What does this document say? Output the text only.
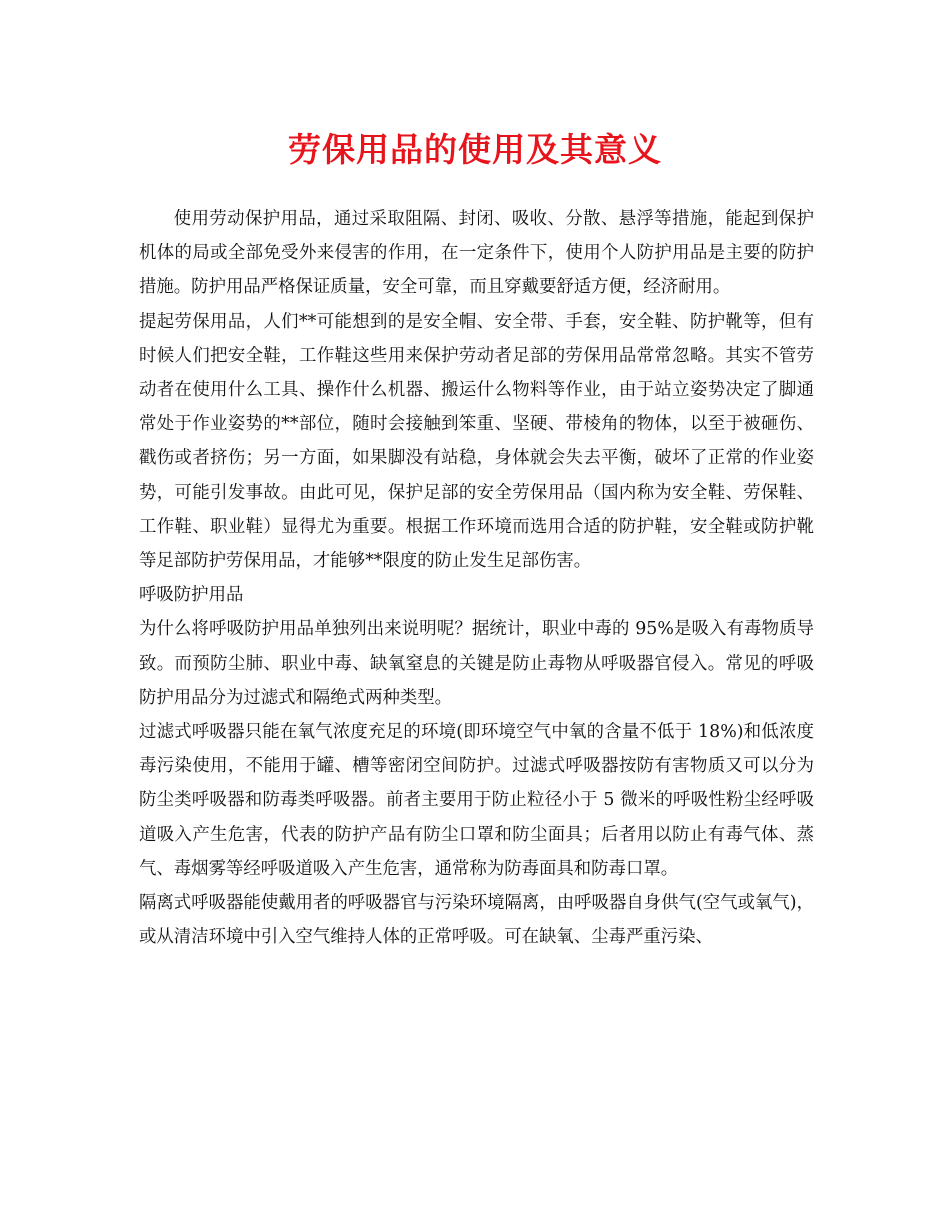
劳保用品的使用及其意义

使用劳动保护用品，通过采取阻隔、封闭、吸收、分散、悬浮等措施，能起到保护机体的局或全部免受外来侵害的作用，在一定条件下，使用个人防护用品是主要的防护措施。防护用品严格保证质量，安全可靠，而且穿戴要舒适方便，经济耐用。

提起劳保用品，人们**可能想到的是安全帽、安全带、手套，安全鞋、防护靴等，但有时候人们把安全鞋，工作鞋这些用来保护劳动者足部的劳保用品常常忽略。其实不管劳动者在使用什么工具、操作什么机器、搬运什么物料等作业，由于站立姿势决定了脚通常处于作业姿势的**部位，随时会接触到笨重、坚硬、带棱角的物体，以至于被砸伤、戳伤或者挤伤；另一方面，如果脚没有站稳，身体就会失去平衡，破坏了正常的作业姿势，可能引发事故。由此可见，保护足部的安全劳保用品（国内称为安全鞋、劳保鞋、工作鞋、职业鞋）显得尤为重要。根据工作环境而选用合适的防护鞋，安全鞋或防护靴等足部防护劳保用品，才能够**限度的防止发生足部伤害。

呼吸防护用品

为什么将呼吸防护用品单独列出来说明呢？据统计，职业中毒的 95%是吸入有毒物质导致。而预防尘肺、职业中毒、缺氧窒息的关键是防止毒物从呼吸器官侵入。常见的呼吸防护用品分为过滤式和隔绝式两种类型。

过滤式呼吸器只能在氧气浓度充足的环境(即环境空气中氧的含量不低于 18%)和低浓度毒污染使用，不能用于罐、槽等密闭空间防护。过滤式呼吸器按防有害物质又可以分为防尘类呼吸器和防毒类呼吸器。前者主要用于防止粒径小于 5 微米的呼吸性粉尘经呼吸道吸入产生危害，代表的防护产品有防尘口罩和防尘面具；后者用以防止有毒气体、蒸气、毒烟雾等经呼吸道吸入产生危害，通常称为防毒面具和防毒口罩。

隔离式呼吸器能使戴用者的呼吸器官与污染环境隔离，由呼吸器自身供气(空气或氧气)，或从清洁环境中引入空气维持人体的正常呼吸。可在缺氧、尘毒严重污染、
